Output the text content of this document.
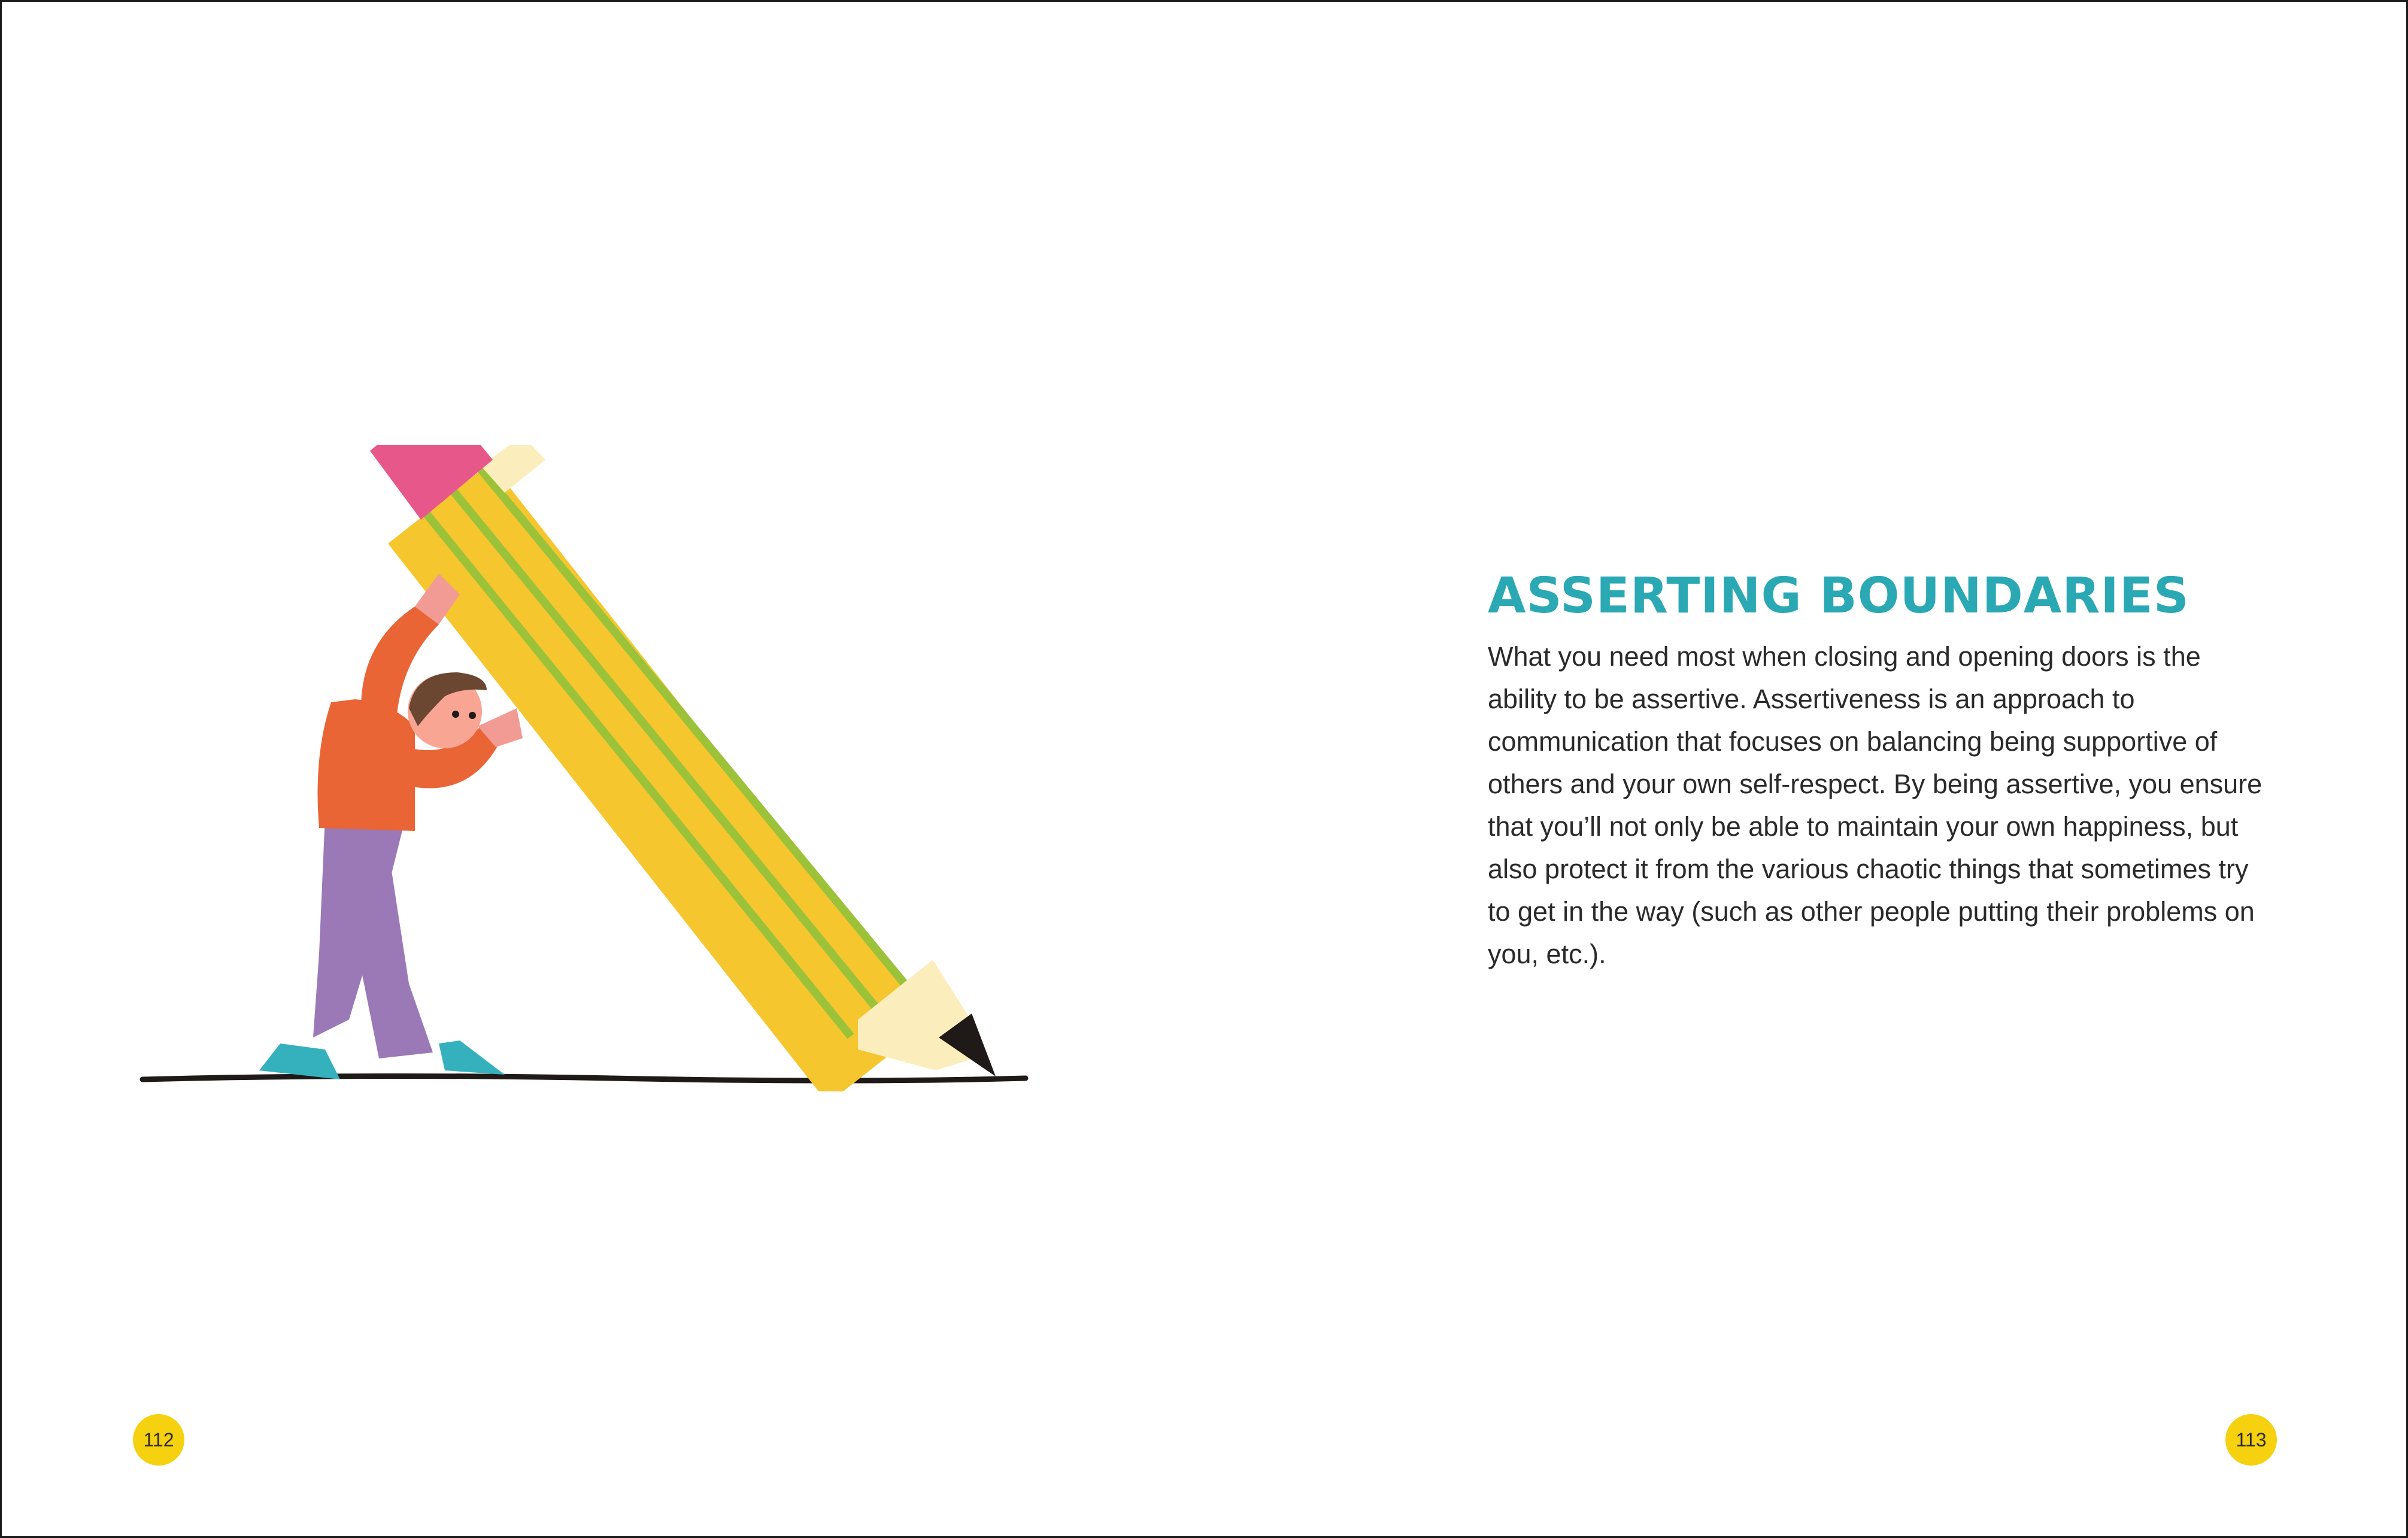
ASSERTING BOUNDARIES

What you need most when closing and opening doors is the ability to be assertive. Assertiveness is an approach to communication that focuses on balancing being supportive of others and your own self-respect. By being assertive, you ensure that you’ll not only be able to maintain your own happiness, but also protect it from the various chaotic things that sometimes try to get in the way (such as other people putting their problems on you, etc.).

112	113
